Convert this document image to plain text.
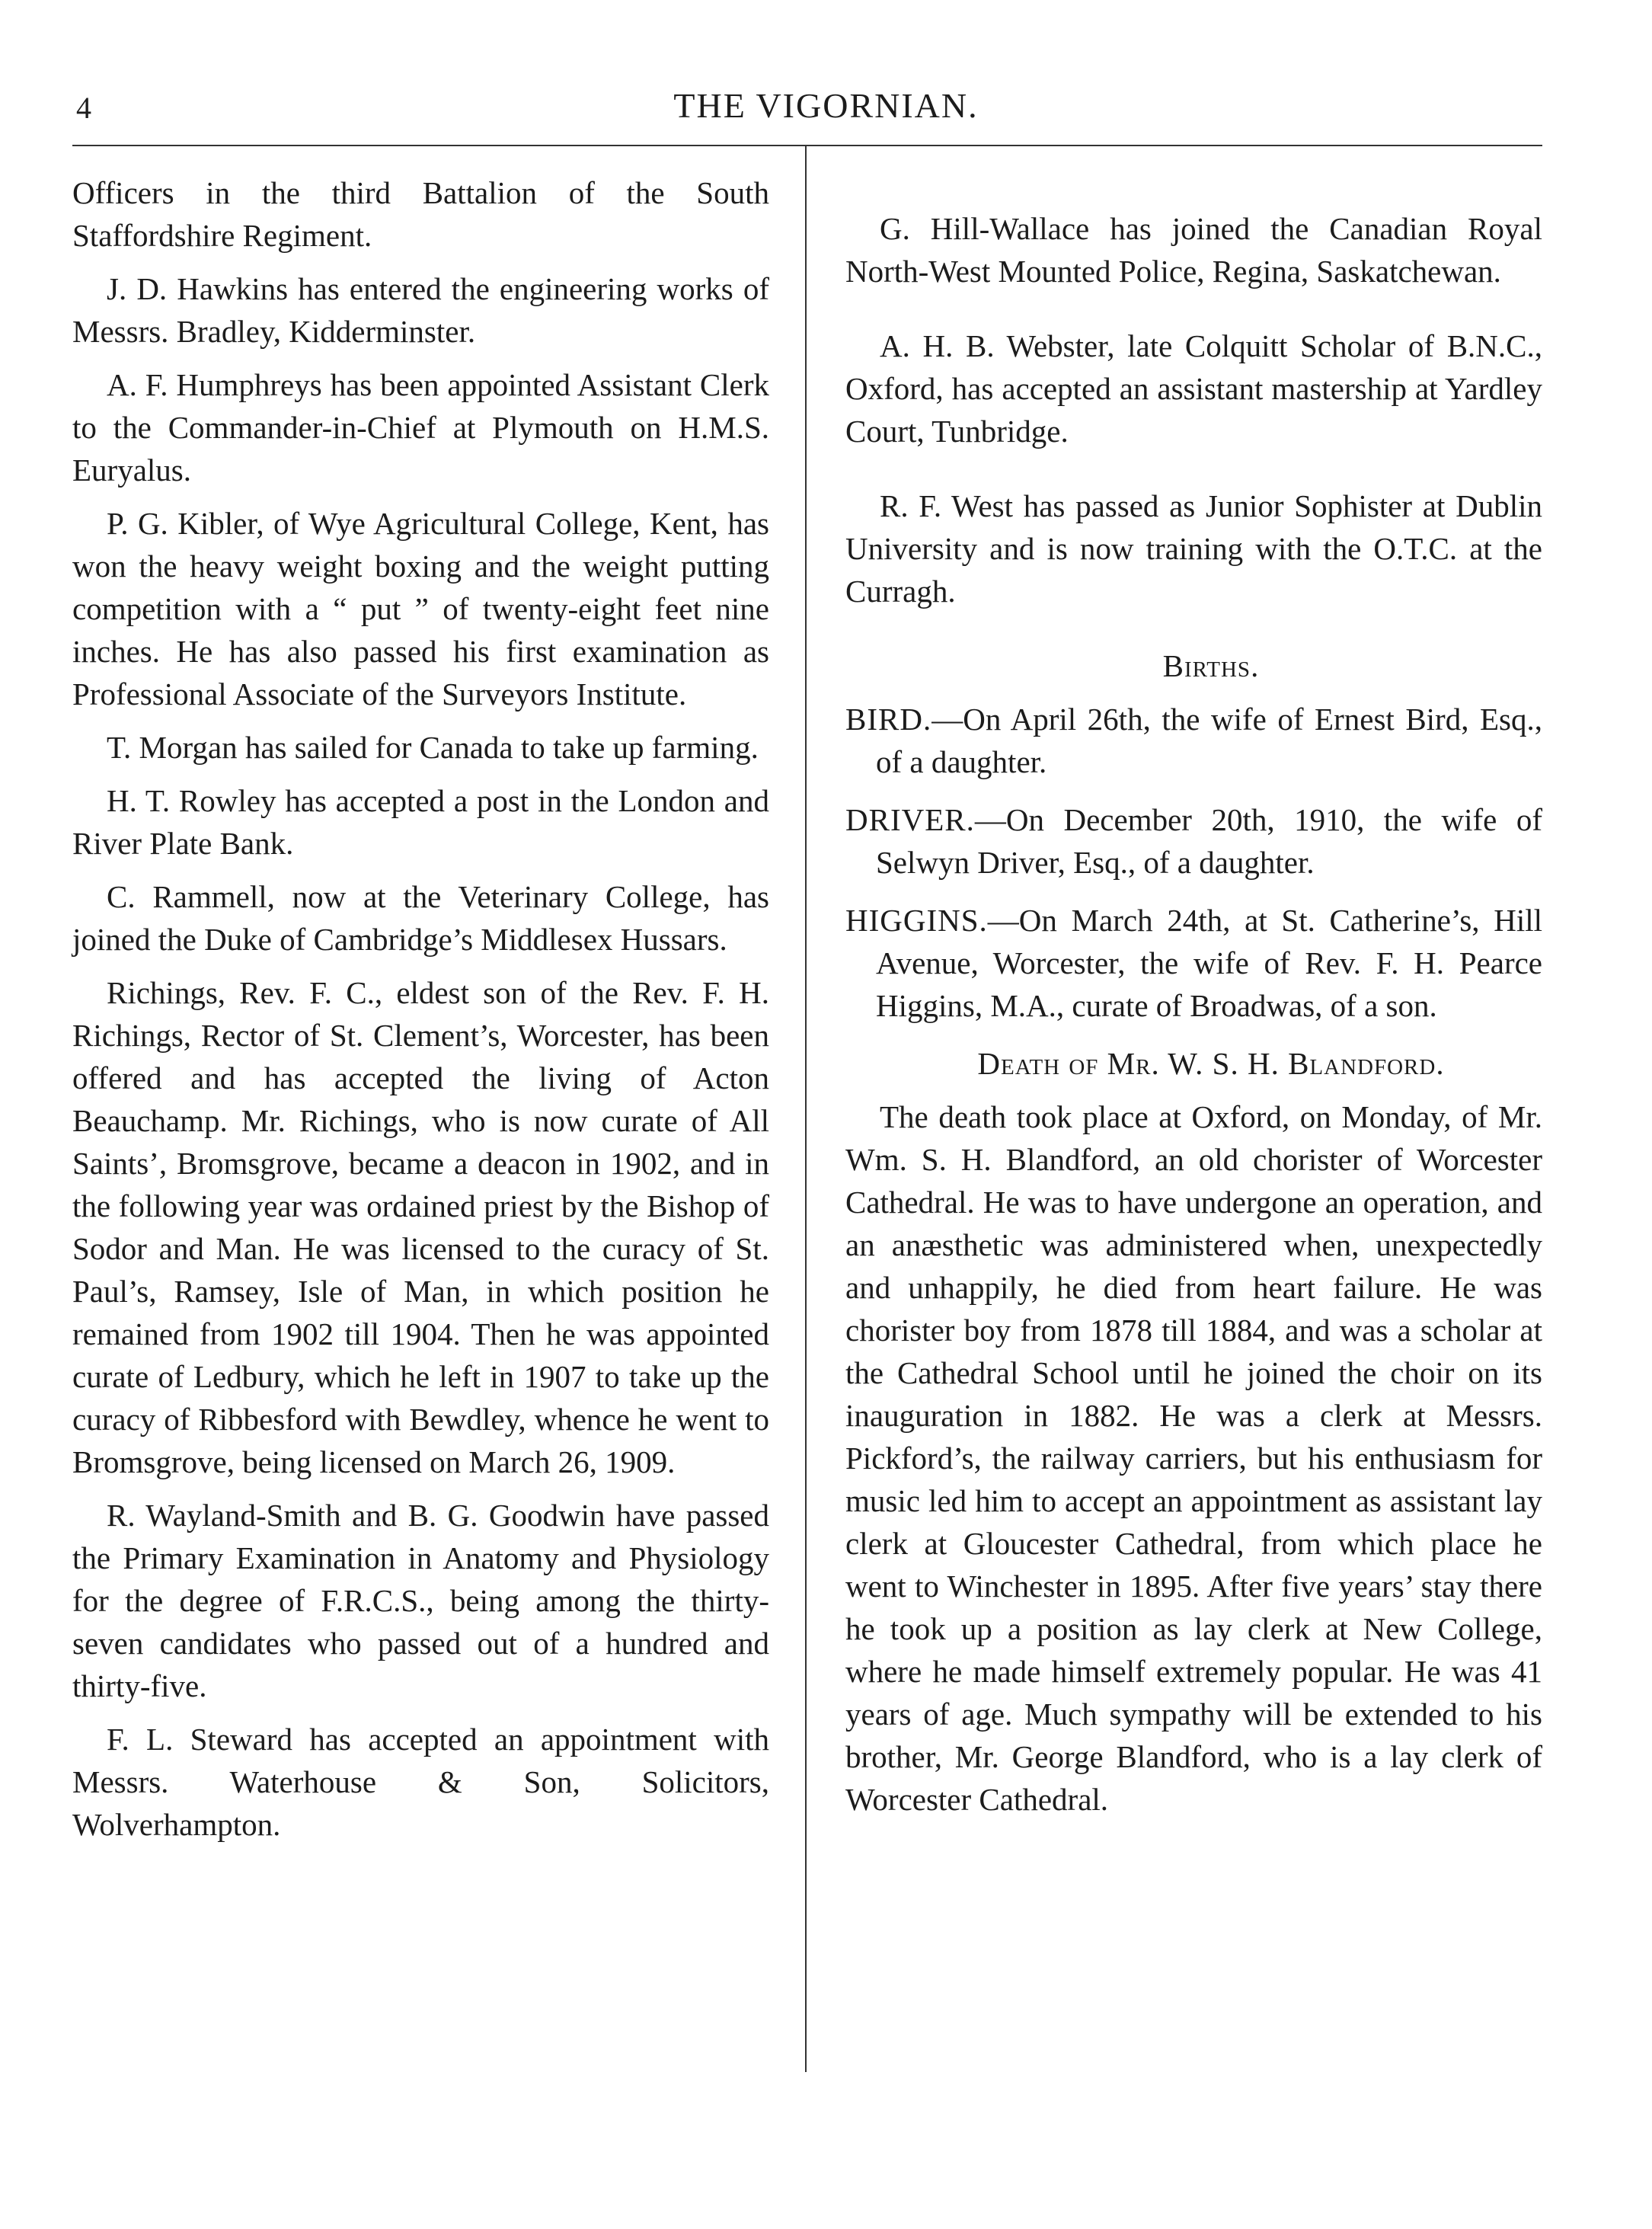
4	THE VIGORNIAN.

Officers in the third Battalion of the South Staffordshire Regiment.

J. D. Hawkins has entered the engineering works of Messrs. Bradley, Kidderminster.

A. F. Humphreys has been appointed Assistant Clerk to the Commander-in-Chief at Plymouth on H.M.S. Euryalus.

P. G. Kibler, of Wye Agricultural College, Kent, has won the heavy weight boxing and the weight putting competition with a “ put ” of twenty-eight feet nine inches. He has also passed his first examination as Professional Associate of the Surveyors Institute.

T. Morgan has sailed for Canada to take up farming.

H. T. Rowley has accepted a post in the London and River Plate Bank.

C. Rammell, now at the Veterinary College, has joined the Duke of Cambridge’s Middlesex Hussars.

Richings, Rev. F. C., eldest son of the Rev. F. H. Richings, Rector of St. Clement’s, Worcester, has been offered and has accepted the living of Acton Beauchamp. Mr. Richings, who is now curate of All Saints’, Bromsgrove, became a deacon in 1902, and in the following year was ordained priest by the Bishop of Sodor and Man. He was licensed to the curacy of St. Paul’s, Ramsey, Isle of Man, in which position he remained from 1902 till 1904. Then he was appointed curate of Ledbury, which he left in 1907 to take up the curacy of Ribbesford with Bewdley, whence he went to Bromsgrove, being licensed on March 26, 1909.

R. Wayland-Smith and B. G. Goodwin have passed the Primary Examination in Anatomy and Physiology for the degree of F.R.C.S., being among the thirty-seven candidates who passed out of a hundred and thirty-five.

F. L. Steward has accepted an appointment with Messrs. Waterhouse & Son, Solicitors, Wolverhampton.

G. Hill-Wallace has joined the Canadian Royal North-West Mounted Police, Regina, Saskatchewan.

A. H. B. Webster, late Colquitt Scholar of B.N.C., Oxford, has accepted an assistant mastership at Yardley Court, Tunbridge.

R. F. West has passed as Junior Sophister at Dublin University and is now training with the O.T.C. at the Curragh.

Births.

BIRD.—On April 26th, the wife of Ernest Bird, Esq., of a daughter.

DRIVER.—On December 20th, 1910, the wife of Selwyn Driver, Esq., of a daughter.

HIGGINS.—On March 24th, at St. Catherine’s, Hill Avenue, Worcester, the wife of Rev. F. H. Pearce Higgins, M.A., curate of Broadwas, of a son.

Death of Mr. W. S. H. Blandford.

The death took place at Oxford, on Monday, of Mr. Wm. S. H. Blandford, an old chorister of Worcester Cathedral. He was to have undergone an operation, and an anæsthetic was administered when, unexpectedly and unhappily, he died from heart failure. He was chorister boy from 1878 till 1884, and was a scholar at the Cathedral School until he joined the choir on its inauguration in 1882. He was a clerk at Messrs. Pickford’s, the railway carriers, but his enthusiasm for music led him to accept an appointment as assistant lay clerk at Gloucester Cathedral, from which place he went to Winchester in 1895. After five years’ stay there he took up a position as lay clerk at New College, where he made himself extremely popular. He was 41 years of age. Much sympathy will be extended to his brother, Mr. George Blandford, who is a lay clerk of Worcester Cathedral.
